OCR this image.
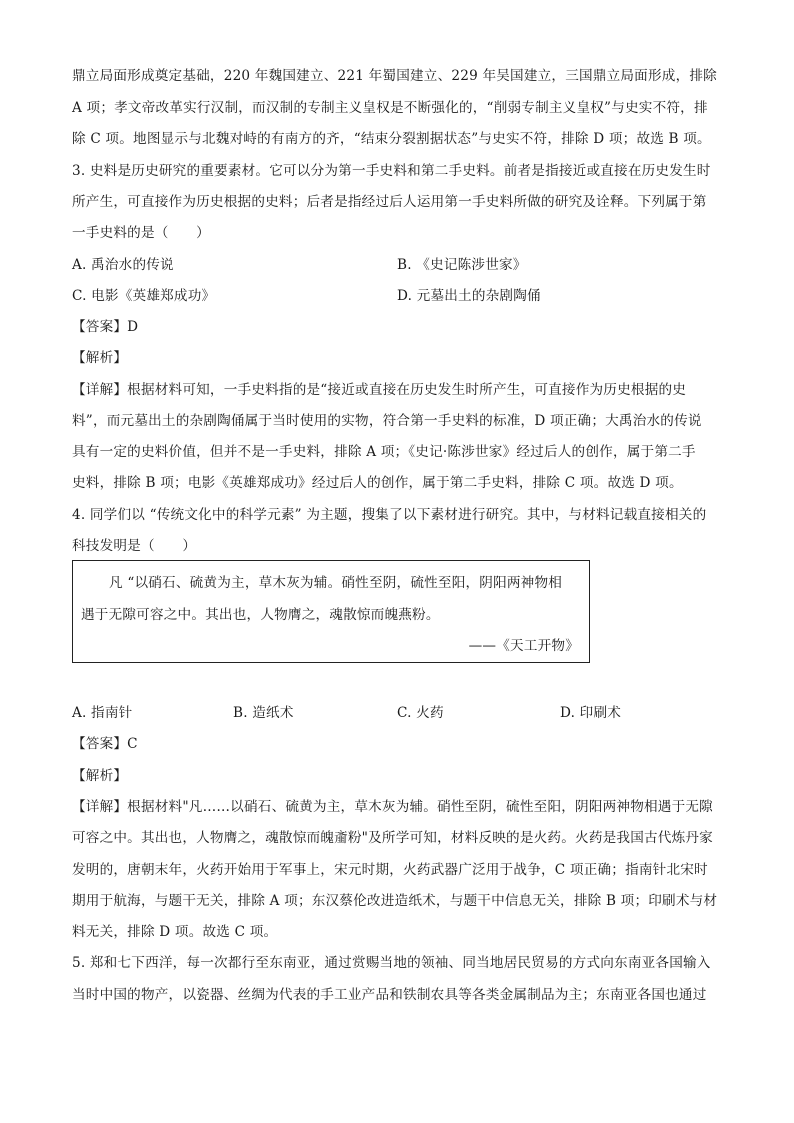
鼎立局面形成奠定基础，220 年魏国建立、221 年蜀国建立、229 年吴国建立，三国鼎立局面形成，排除
A 项；孝文帝改革实行汉制，而汉制的专制主义皇权是不断强化的，“削弱专制主义皇权”与史实不符，排
除 C 项。地图显示与北魏对峙的有南方的齐，“结束分裂割据状态”与史实不符，排除 D 项；故选 B 项。
3. 史料是历史研究的重要素材。它可以分为第一手史料和第二手史料。前者是指接近或直接在历史发生时
所产生，可直接作为历史根据的史料；后者是指经过后人运用第一手史料所做的研究及诠释。下列属于第
一手史料的是（　　）
A. 禹治水的传说	B. 《史记陈涉世家》
C. 电影《英雄郑成功》	D. 元墓出土的杂剧陶俑
【答案】D
【解析】
【详解】根据材料可知，一手史料指的是“接近或直接在历史发生时所产生，可直接作为历史根据的史
料”，而元墓出土的杂剧陶俑属于当时使用的实物，符合第一手史料的标准，D 项正确；大禹治水的传说
具有一定的史料价值，但并不是一手史料，排除 A 项；《史记·陈涉世家》经过后人的创作，属于第二手
史料，排除 B 项；电影《英雄郑成功》经过后人的创作，属于第二手史料，排除 C 项。故选 D 项。
4. 同学们以 “传统文化中的科学元素” 为主题，搜集了以下素材进行研究。其中，与材料记载直接相关的
科技发明是（　　）
凡 “以硝石、硫黄为主，草木灰为辅。硝性至阴，硫性至阳，阴阳两神物相
遇于无隙可容之中。其出也，人物膺之，魂散惊而魄燕粉。
——《天工开物》
A. 指南针	B. 造纸术	C. 火药	D. 印刷术
【答案】C
【解析】
【详解】根据材料"凡……以硝石、硫黄为主，草木灰为辅。硝性至阴，硫性至阳，阴阳两神物相遇于无隙
可容之中。其出也，人物膺之，魂散惊而魄齑粉"及所学可知，材料反映的是火药。火药是我国古代炼丹家
发明的，唐朝末年，火药开始用于军事上，宋元时期，火药武器广泛用于战争，C 项正确；指南针北宋时
期用于航海，与题干无关，排除 A 项；东汉蔡伦改进造纸术，与题干中信息无关，排除 B 项；印刷术与材
料无关，排除 D 项。故选 C 项。
5. 郑和七下西洋，每一次都行至东南亚，通过赏赐当地的领袖、同当地居民贸易的方式向东南亚各国输入
当时中国的物产，以瓷器、丝绸为代表的手工业产品和铁制农具等各类金属制品为主；东南亚各国也通过
